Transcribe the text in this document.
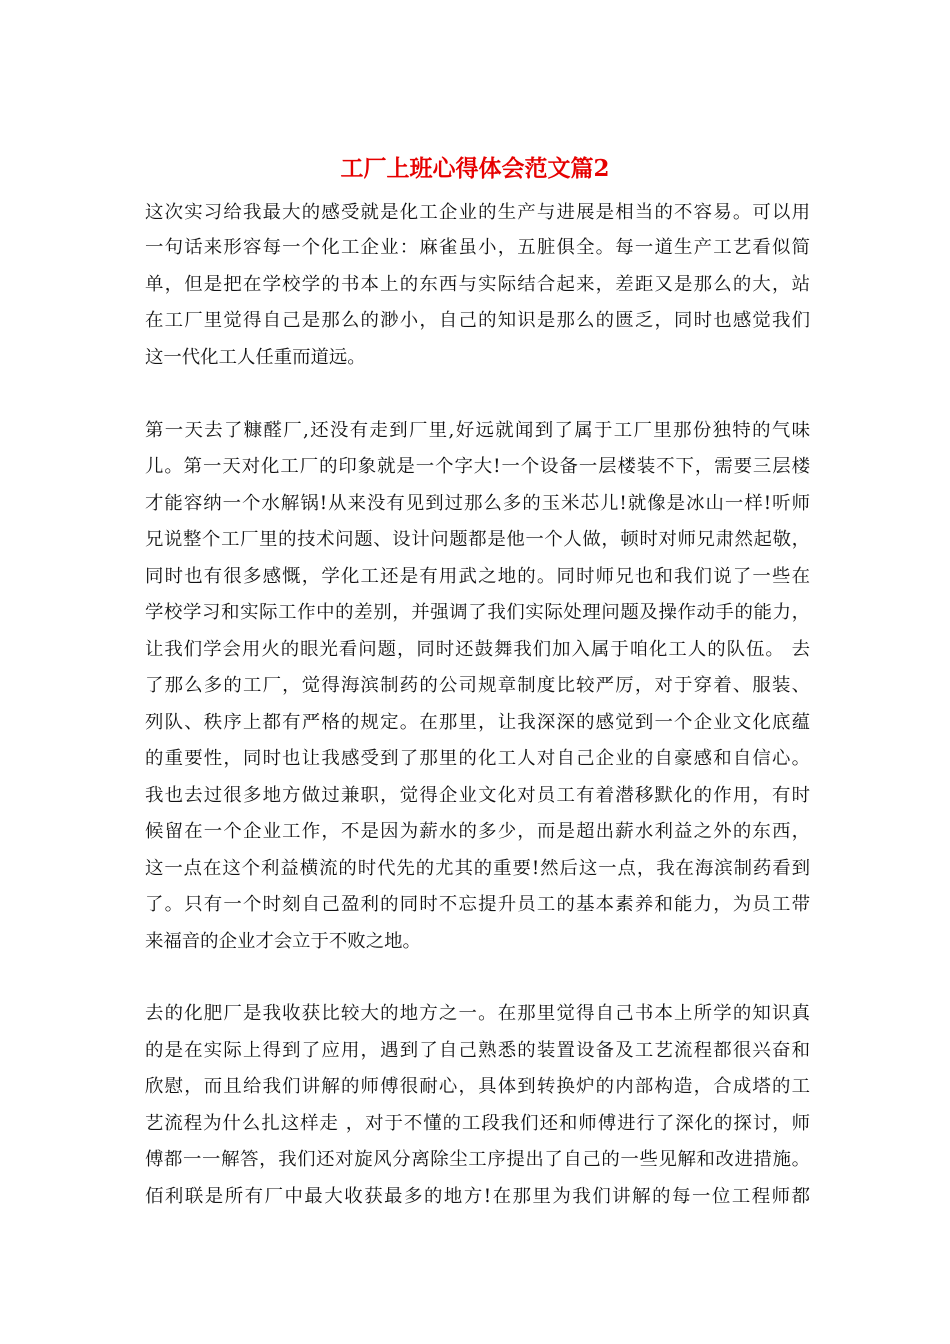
工厂上班心得体会范文篇2

这次实习给我最大的感受就是化工企业的生产与进展是相当的不容易。可以用

一句话来形容每一个化工企业：麻雀虽小，五脏俱全。每一道生产工艺看似简

单，但是把在学校学的书本上的东西与实际结合起来，差距又是那么的大，站

在工厂里觉得自己是那么的渺小，自己的知识是那么的匮乏，同时也感觉我们

这一代化工人任重而道远。

第一天去了糠醛厂,还没有走到厂里,好远就闻到了属于工厂里那份独特的气味

儿。第一天对化工厂的印象就是一个字大!一个设备一层楼装不下，需要三层楼

才能容纳一个水解锅!从来没有见到过那么多的玉米芯儿!就像是冰山一样!听师

兄说整个工厂里的技术问题、设计问题都是他一个人做，顿时对师兄肃然起敬，

同时也有很多感慨，学化工还是有用武之地的。同时师兄也和我们说了一些在

学校学习和实际工作中的差别，并强调了我们实际处理问题及操作动手的能力，

让我们学会用火的眼光看问题，同时还鼓舞我们加入属于咱化工人的队伍。 去

了那么多的工厂，觉得海滨制药的公司规章制度比较严厉，对于穿着、服装、

列队、秩序上都有严格的规定。在那里，让我深深的感觉到一个企业文化底蕴

的重要性，同时也让我感受到了那里的化工人对自己企业的自豪感和自信心。

我也去过很多地方做过兼职，觉得企业文化对员工有着潜移默化的作用，有时

候留在一个企业工作，不是因为薪水的多少，而是超出薪水利益之外的东西，

这一点在这个利益横流的时代先的尤其的重要!然后这一点，我在海滨制药看到

了。只有一个时刻自己盈利的同时不忘提升员工的基本素养和能力，为员工带

来福音的企业才会立于不败之地。

去的化肥厂是我收获比较大的地方之一。在那里觉得自己书本上所学的知识真

的是在实际上得到了应用，遇到了自己熟悉的装置设备及工艺流程都很兴奋和

欣慰，而且给我们讲解的师傅很耐心，具体到转换炉的内部构造，合成塔的工

艺流程为什么扎这样走 ，对于不懂的工段我们还和师傅进行了深化的探讨，师

傅都一一解答，我们还对旋风分离除尘工序提出了自己的一些见解和改进措施。

佰利联是所有厂中最大收获最多的地方!在那里为我们讲解的每一位工程师都
